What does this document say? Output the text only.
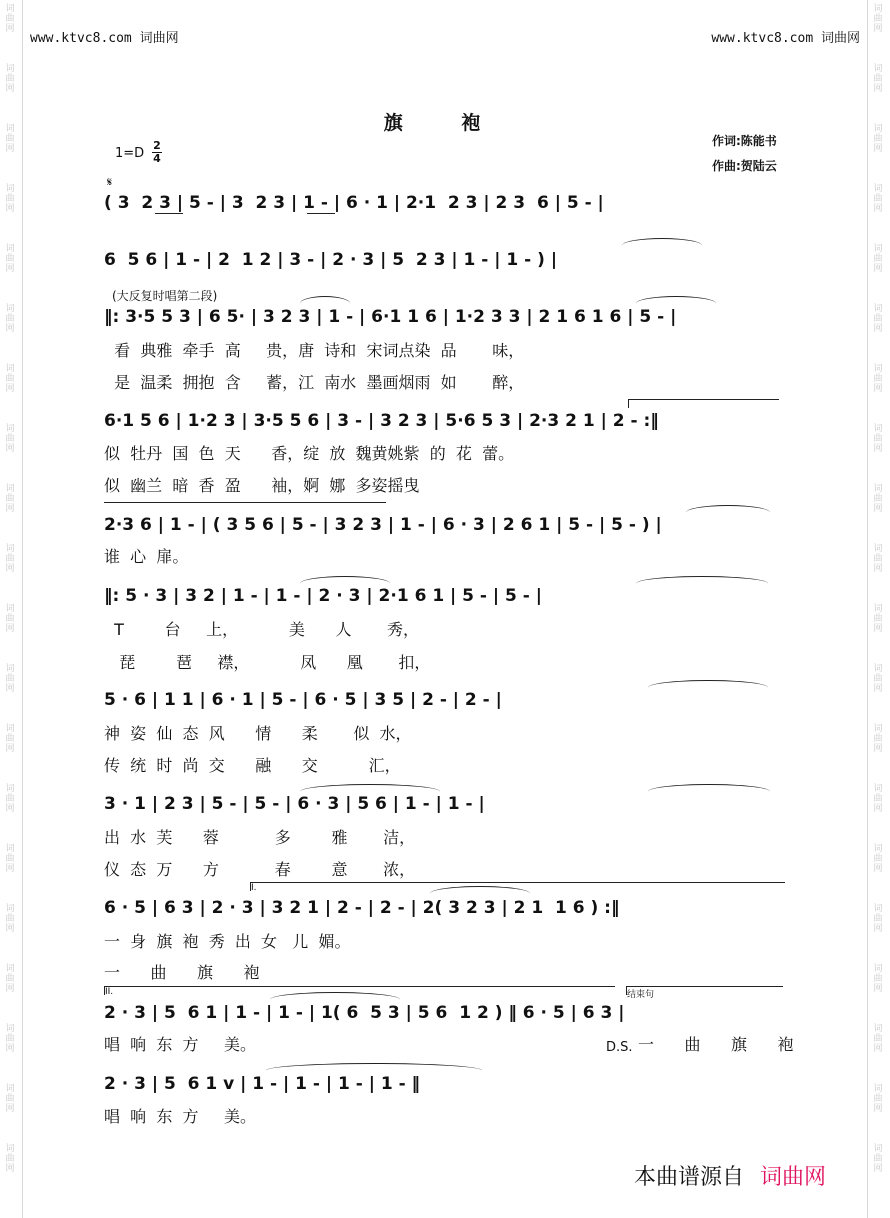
词
曲
网
词
曲
网
词
曲
网
词
曲
网
词
曲
网
词
曲
网
词
曲
网
词
曲
网
词
曲
网
词
曲
网
词
曲
网
词
曲
网
词
曲
网
词
曲
网
词
曲
网
词
曲
网
词
曲
网
词
曲
网
词
曲
网
词
曲
网
词
曲
网
词
曲
网
词
曲
网
词
曲
网
词
曲
网
词
曲
网
词
曲
网
词
曲
网
词
曲
网
词
曲
网
词
曲
网
词
曲
网
词
曲
网
词
曲
网
词
曲
网
词
曲
网
词
曲
网
词
曲
网
词
曲
网
词
曲
网
www.ktvc8.com 词曲网	www.ktvc8.com 词曲网
旗 袍
作词:陈能书
作曲:贺陆云
1=D
2
4
𝄋
( 3  2 3 | 5 - | 3  2 3 | 1 - | 6 · 1 | 2·1  2 3 | 2 3  6 | 5 - |
6  5 6 | 1 - | 2  1 2 | 3 - | 2 · 3 | 5  2 3 | 1 - | 1 - ) |
(大反复时唱第二段)
‖: 3·5 5 3 | 6 5· | 3 2 3 | 1 - | 6·1 1 6 | 1·2 3 3 | 2 1 6 1 6 | 5 - |
看  典雅  牵手  高     贵，唐  诗和  宋词点染  品       味，
是  温柔  拥抱  含     蓄，江  南水  墨画烟雨  如       醉，
6·1 5 6 | 1·2 3 | 3·5 5 6 | 3 - | 3 2 3 | 5·6 5 3 | 2·3 2 1 | 2 - :‖
似  牡丹  国  色  天      香，绽  放  魏黄姚紫  的  花  蕾。
似  幽兰  暗  香  盈      袖，婀  娜  多姿摇曳
2·3 6 | 1 - | ( 3 5 6 | 5 - | 3 2 3 | 1 - | 6 · 3 | 2 6 1 | 5 - | 5 - ) |
谁  心  扉。
‖: 5 · 3 | 3 2 | 1 - | 1 - | 2 · 3 | 2·1 6 1 | 5 - | 5 - |
T        台     上，          美      人       秀，
琵        琶     襟，          凤      凰       扣，
5 · 6 | 1 1 | 6 · 1 | 5 - | 6 · 5 | 3 5 | 2 - | 2 - |
神  姿  仙  态  风      情      柔       似  水，
传  统  时  尚  交      融      交          汇，
3 · 1 | 2 3 | 5 - | 5 - | 6 · 3 | 5 6 | 1 - | 1 - |
出  水  芙      蓉           多        雅       洁，
仪  态  万      方           春        意       浓，
I.
6 · 5 | 6 3 | 2 · 3 | 3 2 1 | 2 - | 2 - | 2( 3 2 3 | 2 1  1 6 ) :‖
一  身  旗  袍  秀  出  女   儿  媚。
一      曲      旗      袍
II.	结束句
2 · 3 | 5  6 1 | 1 - | 1 - | 1( 6  5 3 | 5 6  1 2 ) ‖ 6 · 5 | 6 3 |
唱  响  东  方     美。	D.S. 一      曲      旗      袍
2 · 3 | 5  6 1 v | 1 - | 1 - | 1 - | 1 - ‖
唱  响  东  方     美。
本曲谱源自 词曲网
